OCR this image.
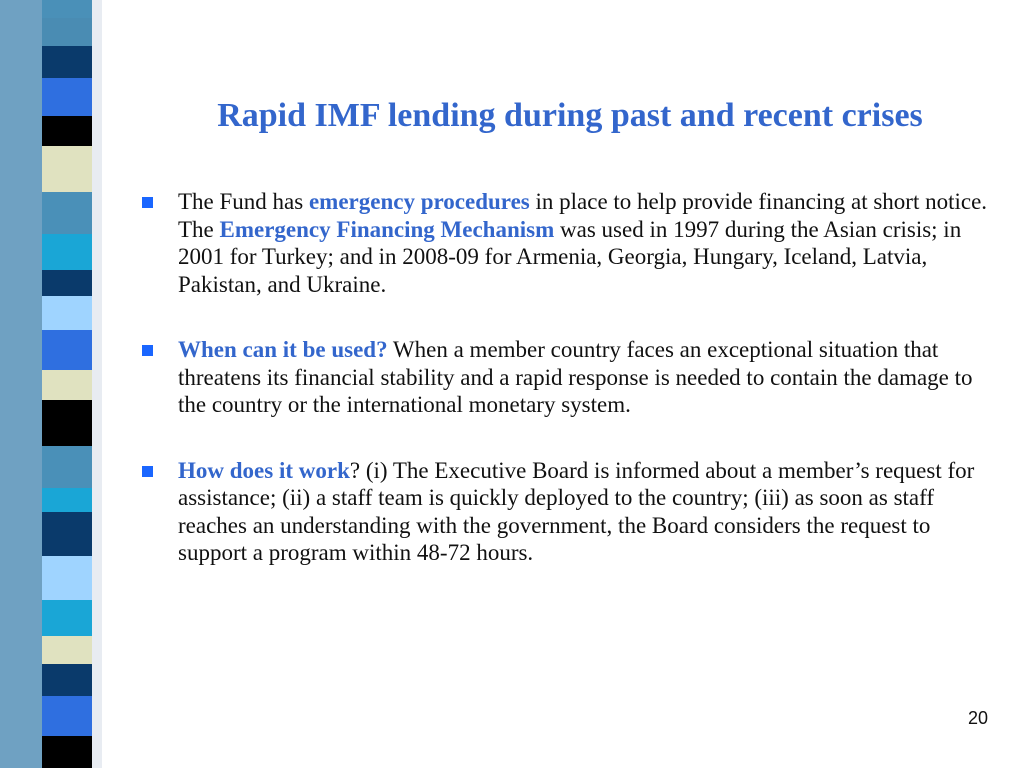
Rapid IMF lending during past and recent crises
The Fund has emergency procedures in place to help provide financing at short notice. The Emergency Financing Mechanism was used in 1997 during the Asian crisis; in 2001 for Turkey; and in 2008-09 for Armenia, Georgia, Hungary, Iceland, Latvia, Pakistan, and Ukraine.
When can it be used? When a member country faces an exceptional situation that threatens its financial stability and a rapid response is needed to contain the damage to the country or the international monetary system.
How does it work? (i) The Executive Board is informed about a member’s request for assistance; (ii) a staff team is quickly deployed to the country; (iii) as soon as staff reaches an understanding with the government, the Board considers the request to support a program within 48-72 hours.
20
